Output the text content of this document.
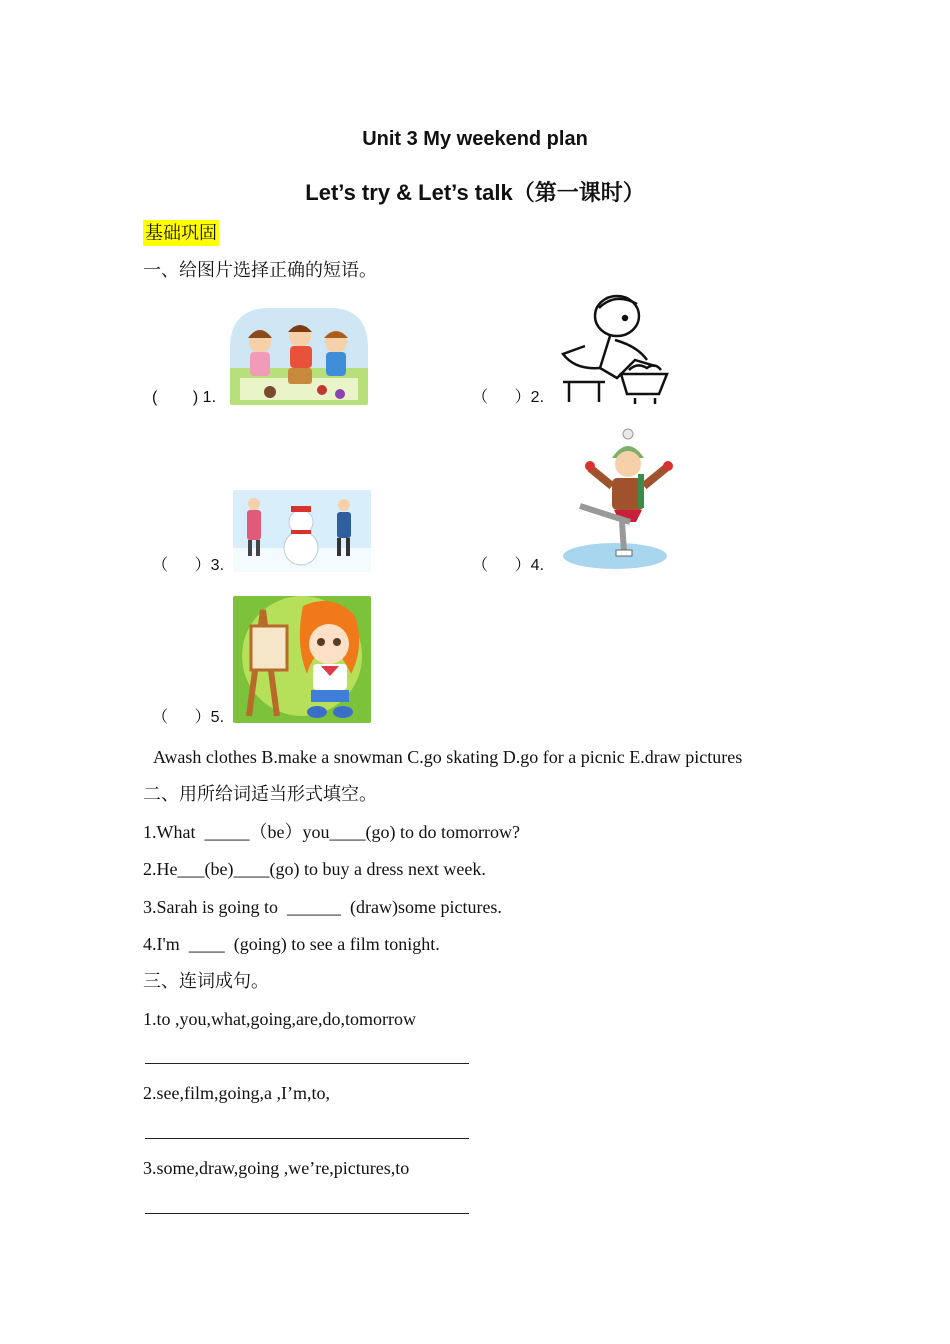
Unit 3 My weekend plan
Let’s try & Let’s talk（第一课时）
基础巩固
一、给图片选择正确的短语。
(        ) 1.	（      ）2.
（      ）3.	（      ）4.
（      ）5.
Awash clothes B.make a snowman C.go skating D.go for a picnic E.draw pictures
二、用所给词适当形式填空。
1.What  _____（be）you____(go) to do tomorrow?
2.He___(be)____(go) to buy a dress next week.
3.Sarah is going to  ______  (draw)some pictures.
4.I'm  ____  (going) to see a film tonight.
三、连词成句。
1.to ,you,what,going,are,do,tomorrow
2.see,film,going,a ,I’m,to,
3.some,draw,going ,we’re,pictures,to
